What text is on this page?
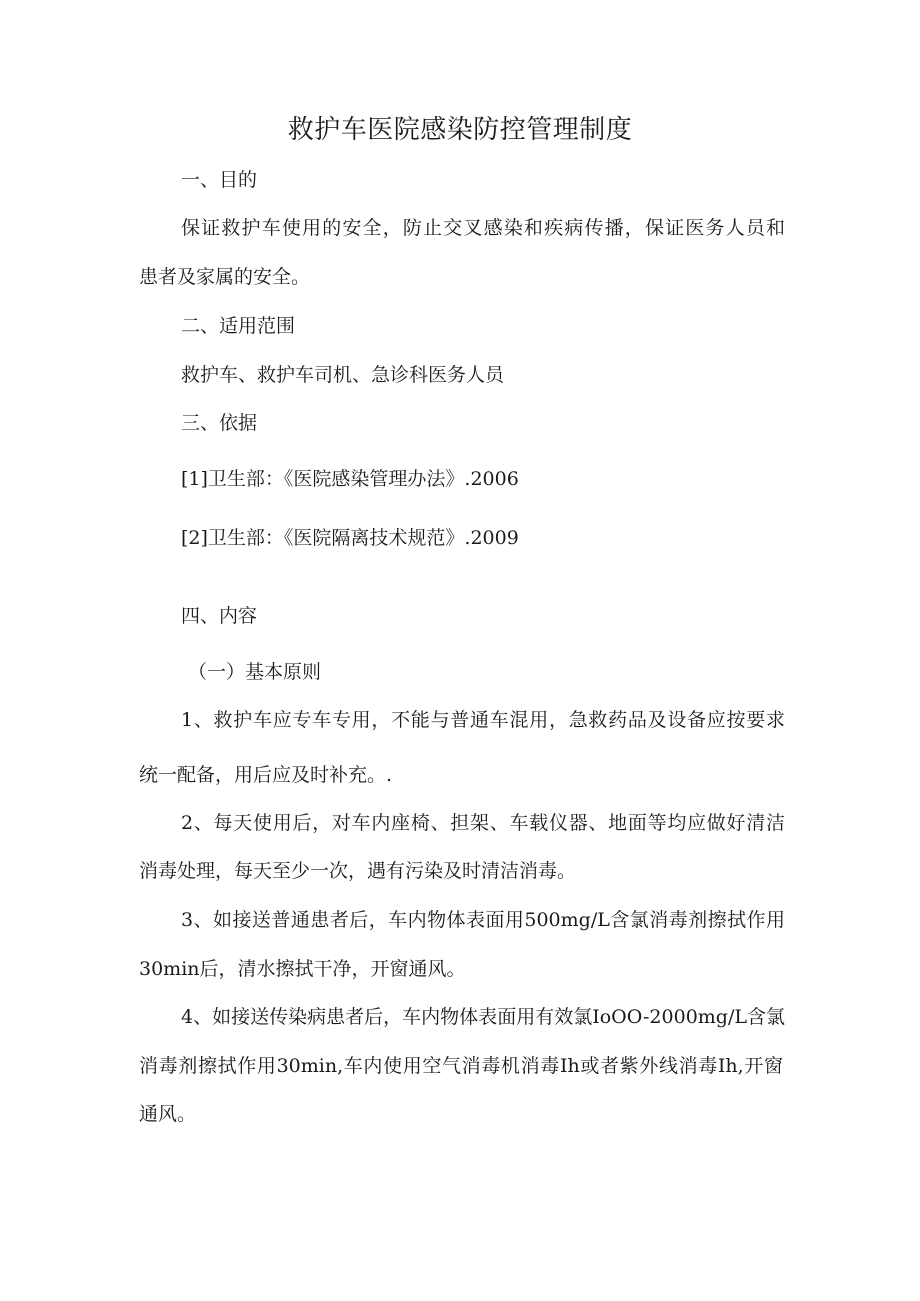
救护车医院感染防控管理制度
一、目的
保证救护车使用的安全，防止交叉感染和疾病传播，保证医务人员和
患者及家属的安全。
二、适用范围
救护车、救护车司机、急诊科医务人员
三、依据
[1]卫生部：《医院感染管理办法》.2006
[2]卫生部：《医院隔离技术规范》.2009
四、内容
（一）基本原则
1、救护车应专车专用，不能与普通车混用，急救药品及设备应按要求
统一配备，用后应及时补充。.
2、每天使用后，对车内座椅、担架、车载仪器、地面等均应做好清洁
消毒处理，每天至少一次，遇有污染及时清洁消毒。
3、如接送普通患者后，车内物体表面用500mg/L含氯消毒剂擦拭作用
30min后，清水擦拭干净，开窗通风。
4、如接送传染病患者后，车内物体表面用有效氯IoOO-2000mg/L含氯
消毒剂擦拭作用30min,车内使用空气消毒机消毒Ih或者紫外线消毒Ih,开窗
通风。
